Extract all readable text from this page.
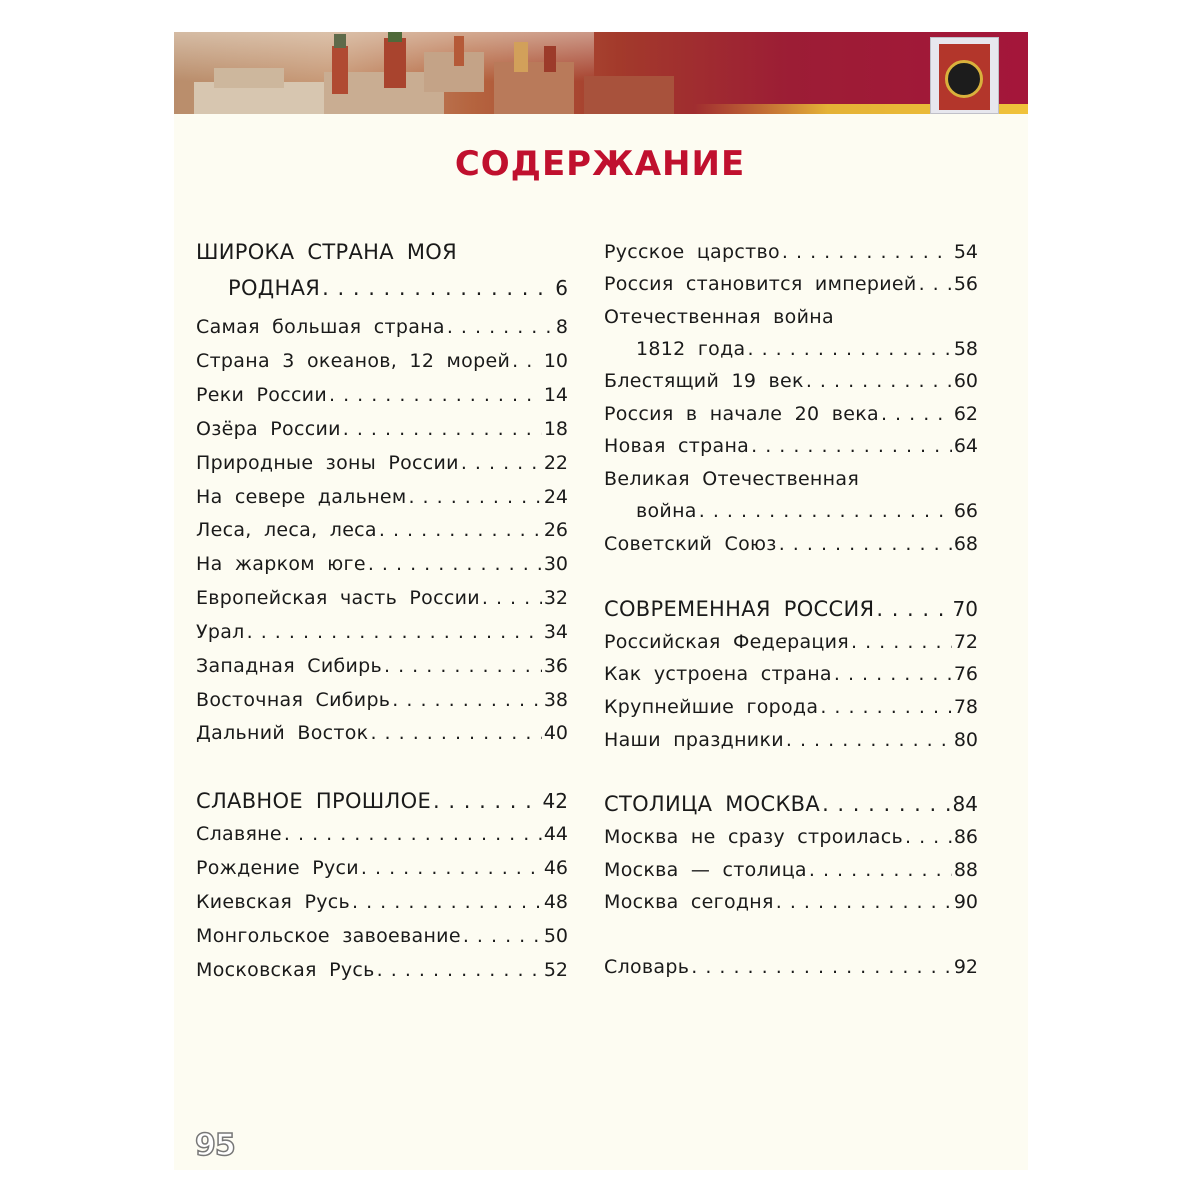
СОДЕРЖАНИЕ
ШИРОКА СТРАНА МОЯ
РОДНАЯ . . .	6
Самая большая страна . . .	8
Страна 3 океанов, 12 морей . . . 10
Реки России . . .	14
Озёра России . . .	18
Природные зоны России . . .	22
На севере дальнем . . .	24
Леса, леса, леса . . .	26
На жарком юге . . .	30
Европейская часть России . . .	32
Урал . . .	34
Западная Сибирь . . .	36
Восточная Сибирь . . .	38
Дальний Восток . . .	40
СЛАВНОЕ ПРОШЛОЕ . . .	42
Славяне . . .	44
Рождение Руси . . .	46
Киевская Русь . . .	48
Монгольское завоевание . . .	50
Московская Русь . . .	52
Русское царство . . .	54
Россия становится империей . . . 56
Отечественная война
1812 года . . .	58
Блестящий 19 век . . .	60
Россия в начале 20 века . . .	62
Новая страна . . .	64
Великая Отечественная
война . . .	66
Советский Союз . . .	68
СОВРЕМЕННАЯ РОССИЯ . . .	70
Российская Федерация . . .	72
Как устроена страна . . .	76
Крупнейшие города . . .	78
Наши праздники . . .	80
СТОЛИЦА МОСКВА . . .	84
Москва не сразу строилась . . .	86
Москва — столица . . .	88
Москва сегодня . . .	90
Словарь . . .	92
95
